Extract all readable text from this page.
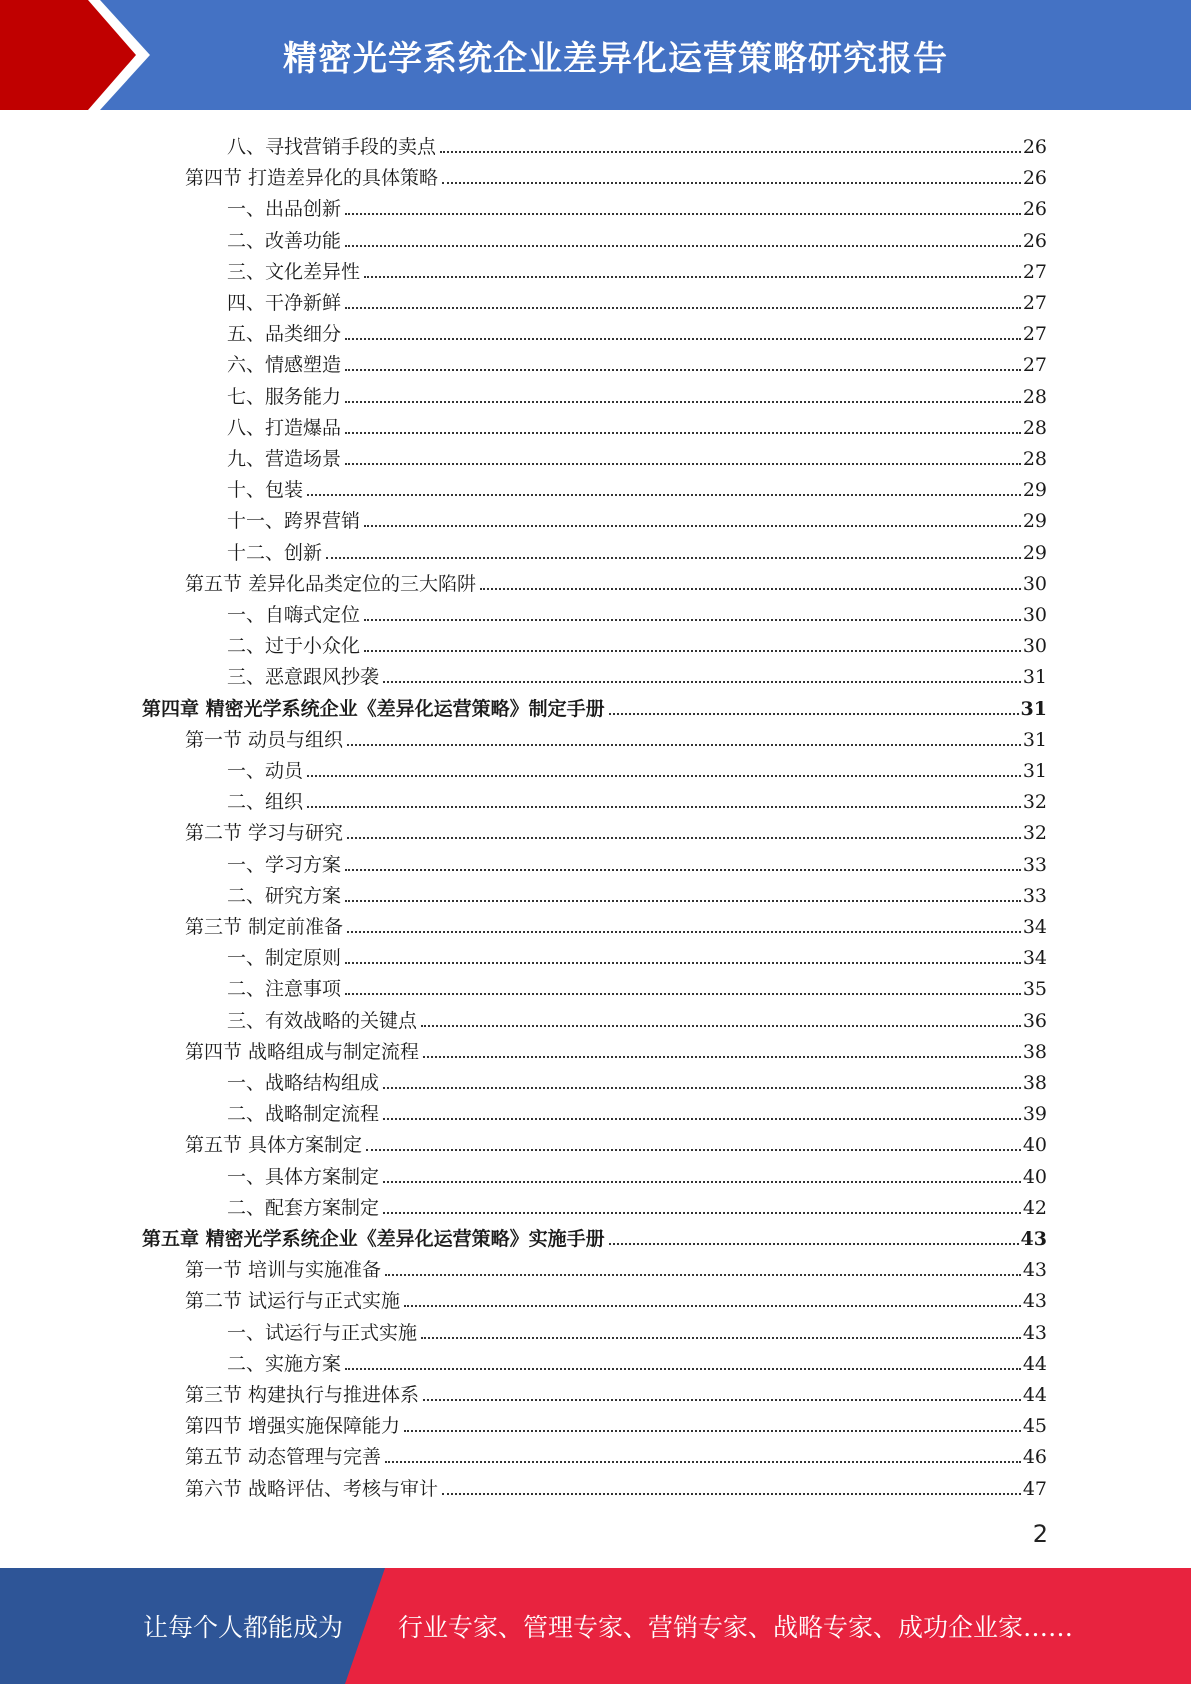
精密光学系统企业差异化运营策略研究报告
八、寻找营销手段的卖点	26
第四节 打造差异化的具体策略	26
一、出品创新	26
二、改善功能	26
三、文化差异性	27
四、干净新鲜	27
五、品类细分	27
六、情感塑造	27
七、服务能力	28
八、打造爆品	28
九、营造场景	28
十、包装	29
十一、跨界营销	29
十二、创新	29
第五节 差异化品类定位的三大陷阱	30
一、自嗨式定位	30
二、过于小众化	30
三、恶意跟风抄袭	31
第四章 精密光学系统企业《差异化运营策略》制定手册	31
第一节 动员与组织	31
一、动员	31
二、组织	32
第二节 学习与研究	32
一、学习方案	33
二、研究方案	33
第三节 制定前准备	34
一、制定原则	34
二、注意事项	35
三、有效战略的关键点	36
第四节 战略组成与制定流程	38
一、战略结构组成	38
二、战略制定流程	39
第五节 具体方案制定	40
一、具体方案制定	40
二、配套方案制定	42
第五章 精密光学系统企业《差异化运营策略》实施手册	43
第一节 培训与实施准备	43
第二节 试运行与正式实施	43
一、试运行与正式实施	43
二、实施方案	44
第三节 构建执行与推进体系	44
第四节 增强实施保障能力	45
第五节 动态管理与完善	46
第六节 战略评估、考核与审计	47
2
让每个人都能成为 行业专家、管理专家、营销专家、战略专家、成功企业家……
